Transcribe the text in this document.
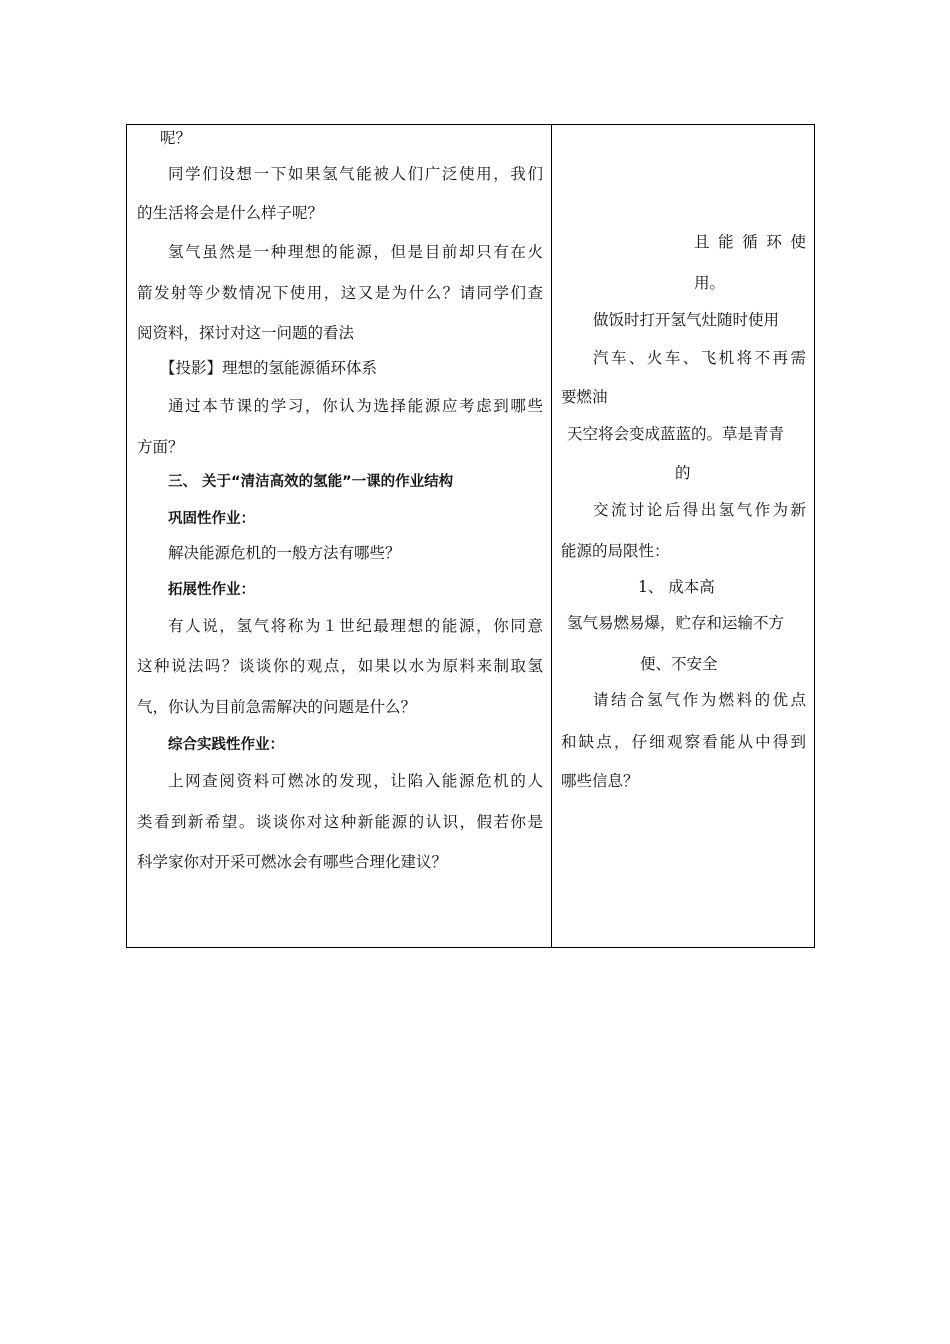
呢？
同学们设想一下如果氢气能被人们广泛使用，我们
的生活将会是什么样子呢？
氢气虽然是一种理想的能源，但是目前却只有在火
箭发射等少数情况下使用，这又是为什么？请同学们查
阅资料，探讨对这一问题的看法
【投影】理想的氢能源循环体系
通过本节课的学习，你认为选择能源应考虑到哪些
方面？
三、 关于“清洁高效的氢能”一课的作业结构
巩固性作业：
解决能源危机的一般方法有哪些？
拓展性作业：
有人说，氢气将称为１世纪最理想的能源，你同意
这种说法吗？谈谈你的观点，如果以水为原料来制取氢
气，你认为目前急需解决的问题是什么？
综合实践性作业：
上网查阅资料可燃冰的发现，让陷入能源危机的人
类看到新希望。谈谈你对这种新能源的认识，假若你是
科学家你对开采可燃冰会有哪些合理化建议？
且 能 循 环 使
用。
做饭时打开氢气灶随时使用
汽车、火车、飞机将不再需
要燃油
天空将会变成蓝蓝的。草是青青
的
交流讨论后得出氢气作为新
能源的局限性：
1、 成本高
氢气易燃易爆，贮存和运输不方
便、不安全
请结合氢气作为燃料的优点
和缺点，仔细观察看能从中得到
哪些信息？
